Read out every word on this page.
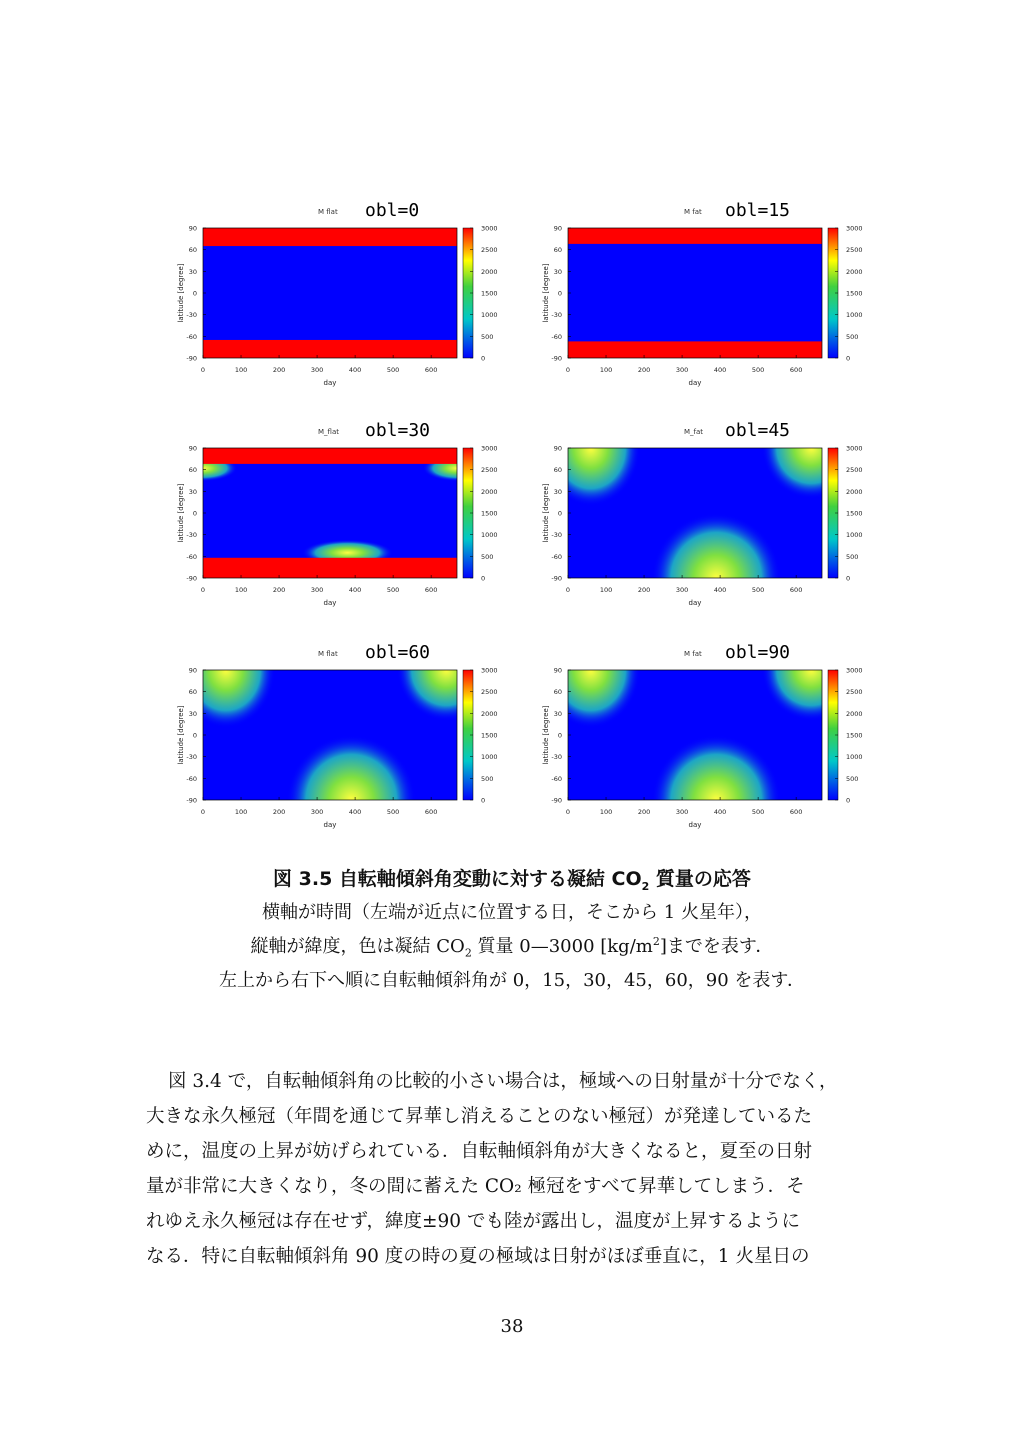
obl=0
M flat
0	100	200	300	400	500	600
90
60
30
0
-30
-60
-90
day
latitude [degree]
3000
2500
2000
1500
1000
500
0
obl=15
M fat
0	100	200	300	400	500	600
90
60
30
0
-30
-60
-90
day
latitude [degree]
3000
2500
2000
1500
1000
500
0
obl=30
M_flat
0	100	200	300	400	500	600
90
60
30
0
-30
-60
-90
day
latitude [degree]
3000
2500
2000
1500
1000
500
0
obl=45
M_fat
0	100	200	300	400	500	600
90
60
30
0
-30
-60
-90
day
latitude [degree]
3000
2500
2000
1500
1000
500
0
obl=60
M flat
0	100	200	300	400	500	600
90
60
30
0
-30
-60
-90
day
latitude [degree]
3000
2500
2000
1500
1000
500
0
obl=90
M fat
0	100	200	300	400	500	600
90
60
30
0
-30
-60
-90
day
latitude [degree]
3000
2500
2000
1500
1000
500
0
図 3.5 自転軸傾斜角変動に対する凝結 $CO_2$ 質量の応答
横軸が時間（左端が近点に位置する日，そこから 1 火星年），
縦軸が緯度，色は凝結 $CO_2$ 質量 0—3000 $[kg/m^2]$までを表す．
左上から右下へ順に自転軸傾斜角が 0，15，30，45，60，90 を表す．
図 3.4 で，自転軸傾斜角の比較的小さい場合は，極域への日射量が十分でなく，
大きな永久極冠（年間を通じて昇華し消えることのない極冠）が発達しているた
めに，温度の上昇が妨げられている．自転軸傾斜角が大きくなると，夏至の日射
量が非常に大きくなり，冬の間に蓄えた CO₂ 極冠をすべて昇華してしまう．そ
れゆえ永久極冠は存在せず，緯度±90 でも陸が露出し，温度が上昇するように
なる．特に自転軸傾斜角 90 度の時の夏の極域は日射がほぼ垂直に，1 火星日の
38
